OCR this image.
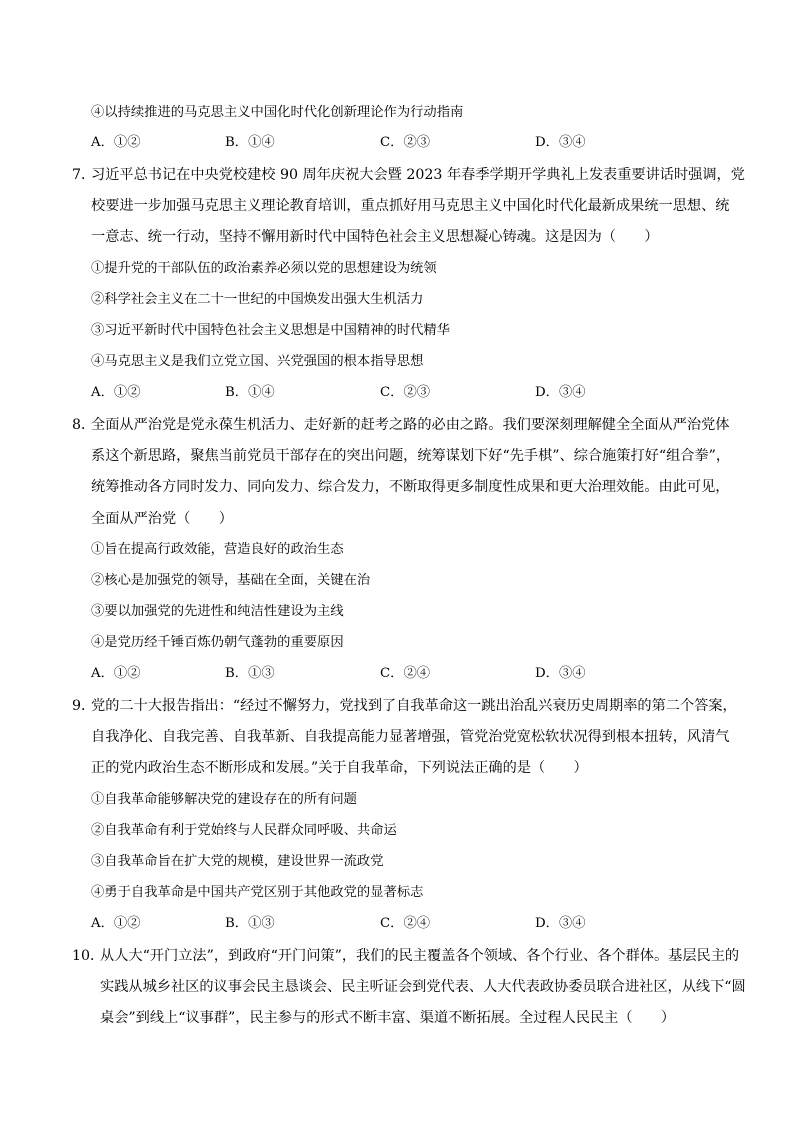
④以持续推进的马克思主义中国化时代化创新理论作为行动指南
A．①②	B．①④	C．②③	D．③④
7．
习近平总书记在中央党校建校 90 周年庆祝大会暨 2023 年春季学期开学典礼上发表重要讲话时强调，党
校要进一步加强马克思主义理论教育培训，重点抓好用马克思主义中国化时代化最新成果统一思想、统
一意志、统一行动，坚持不懈用新时代中国特色社会主义思想凝心铸魂。这是因为（　　）
①提升党的干部队伍的政治素养必须以党的思想建设为统领
②科学社会主义在二十一世纪的中国焕发出强大生机活力
③习近平新时代中国特色社会主义思想是中国精神的时代精华
④马克思主义是我们立党立国、兴党强国的根本指导思想
A．①②	B．①④	C．②③	D．③④
8．
全面从严治党是党永葆生机活力、走好新的赶考之路的必由之路。我们要深刻理解健全全面从严治党体
系这个新思路，聚焦当前党员干部存在的突出问题，统筹谋划下好“先手棋”、综合施策打好“组合拳”，
统筹推动各方同时发力、同向发力、综合发力，不断取得更多制度性成果和更大治理效能。由此可见，
全面从严治党（　　）
①旨在提高行政效能，营造良好的政治生态
②核心是加强党的领导，基础在全面，关键在治
③要以加强党的先进性和纯洁性建设为主线
④是党历经千锤百炼仍朝气蓬勃的重要原因
A．①②	B．①③	C．②④	D．③④
9．
党的二十大报告指出：“经过不懈努力，党找到了自我革命这一跳出治乱兴衰历史周期率的第二个答案，
自我净化、自我完善、自我革新、自我提高能力显著增强，管党治党宽松软状况得到根本扭转，风清气
正的党内政治生态不断形成和发展。”关于自我革命，下列说法正确的是（　　）
①自我革命能够解决党的建设存在的所有问题
②自我革命有利于党始终与人民群众同呼吸、共命运
③自我革命旨在扩大党的规模，建设世界一流政党
④勇于自我革命是中国共产党区别于其他政党的显著标志
A．①②	B．①③	C．②④	D．③④
10．
从人大“开门立法”，到政府“开门问策”，我们的民主覆盖各个领域、各个行业、各个群体。基层民主的
实践从城乡社区的议事会民主恳谈会、民主听证会到党代表、人大代表政协委员联合进社区，从线下“圆
桌会”到线上“议事群”，民主参与的形式不断丰富、渠道不断拓展。全过程人民民主（　　）
